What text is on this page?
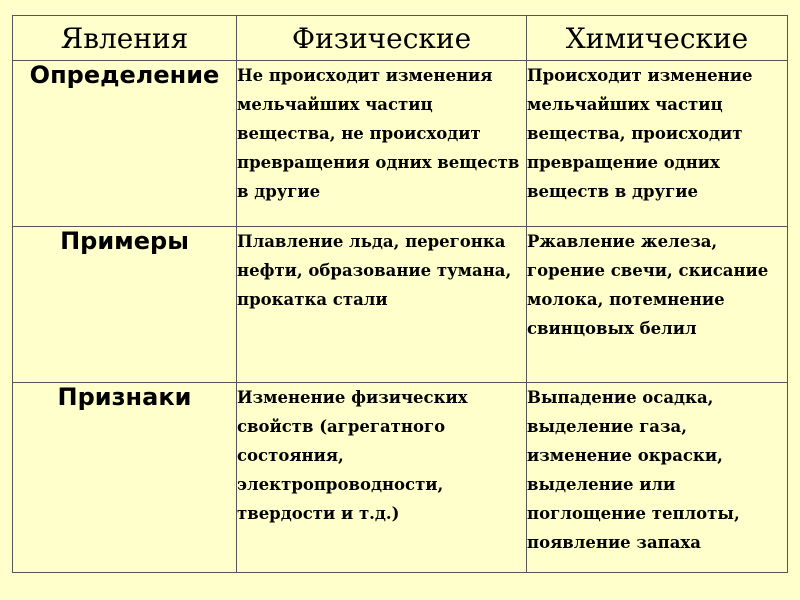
Явления	Физические	Химические
Определение	Не происходит изменения мельчайших частиц вещества, не происходит превращения одних веществ в другие	Происходит изменение мельчайших частиц вещества, происходит превращение одних веществ в другие
Примеры	Плавление льда, перегонка нефти, образование тумана, прокатка стали	Ржавление железа, горение свечи, скисание молока, потемнение свинцовых белил
Признаки	Изменение физических свойств (агрегатного состояния, электропроводности, твердости и т.д.)	Выпадение осадка, выделение газа, изменение окраски, выделение или поглощение теплоты, появление запаха
